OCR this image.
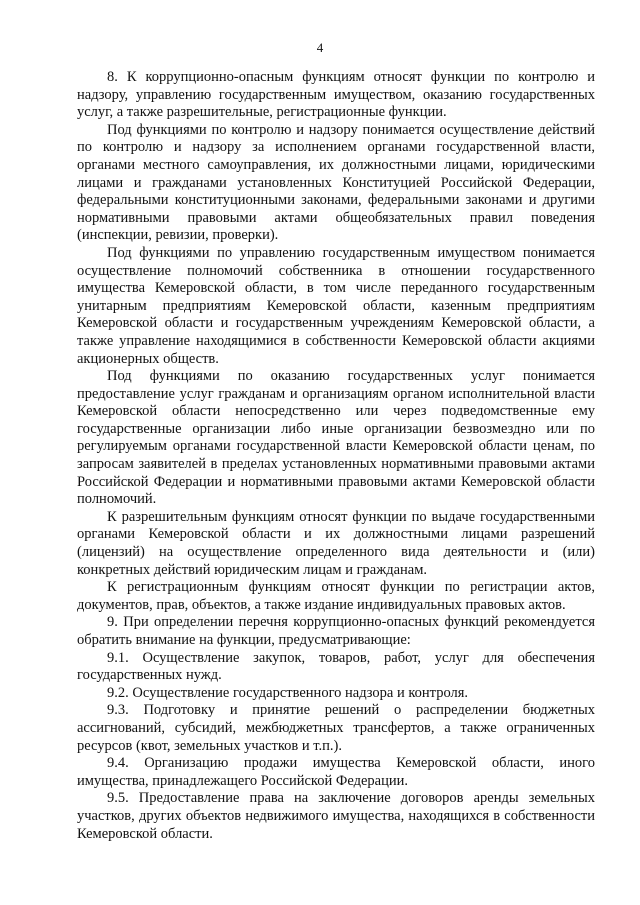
4

8. К коррупционно-опасным функциям относят функции по контролю и надзору, управлению государственным имуществом, оказанию государственных услуг, а также разрешительные, регистрационные функции.

Под функциями по контролю и надзору понимается осуществление действий по контролю и надзору за исполнением органами государственной власти, органами местного самоуправления, их должностными лицами, юридическими лицами и гражданами установленных Конституцией Российской Федерации, федеральными конституционными законами, федеральными законами и другими нормативными правовыми актами общеобязательных правил поведения (инспекции, ревизии, проверки).

Под функциями по управлению государственным имуществом понимается осуществление полномочий собственника в отношении государственного имущества Кемеровской области, в том числе переданного государственным унитарным предприятиям Кемеровской области, казенным предприятиям Кемеровской области и государственным учреждениям Кемеровской области, а также управление находящимися в собственности Кемеровской области акциями акционерных обществ.

Под функциями по оказанию государственных услуг понимается предоставление услуг гражданам и организациям органом исполнительной власти Кемеровской области непосредственно или через подведомственные ему государственные организации либо иные организации безвозмездно или по регулируемым органами государственной власти Кемеровской области ценам, по запросам заявителей в пределах установленных нормативными правовыми актами Российской Федерации и нормативными правовыми актами Кемеровской области полномочий.

К разрешительным функциям относят функции по выдаче государственными органами Кемеровской области и их должностными лицами разрешений (лицензий) на осуществление определенного вида деятельности и (или) конкретных действий юридическим лицам и гражданам.

К регистрационным функциям относят функции по регистрации актов, документов, прав, объектов, а также издание индивидуальных правовых актов.

9. При определении перечня коррупционно-опасных функций рекомендуется обратить внимание на функции, предусматривающие:

9.1. Осуществление закупок, товаров, работ, услуг для обеспечения государственных нужд.

9.2. Осуществление государственного надзора и контроля.

9.3. Подготовку и принятие решений о распределении бюджетных ассигнований, субсидий, межбюджетных трансфертов, а также ограниченных ресурсов (квот, земельных участков и т.п.).

9.4. Организацию продажи имущества Кемеровской области, иного имущества, принадлежащего Российской Федерации.

9.5. Предоставление права на заключение договоров аренды земельных участков, других объектов недвижимого имущества, находящихся в собственности Кемеровской области.
